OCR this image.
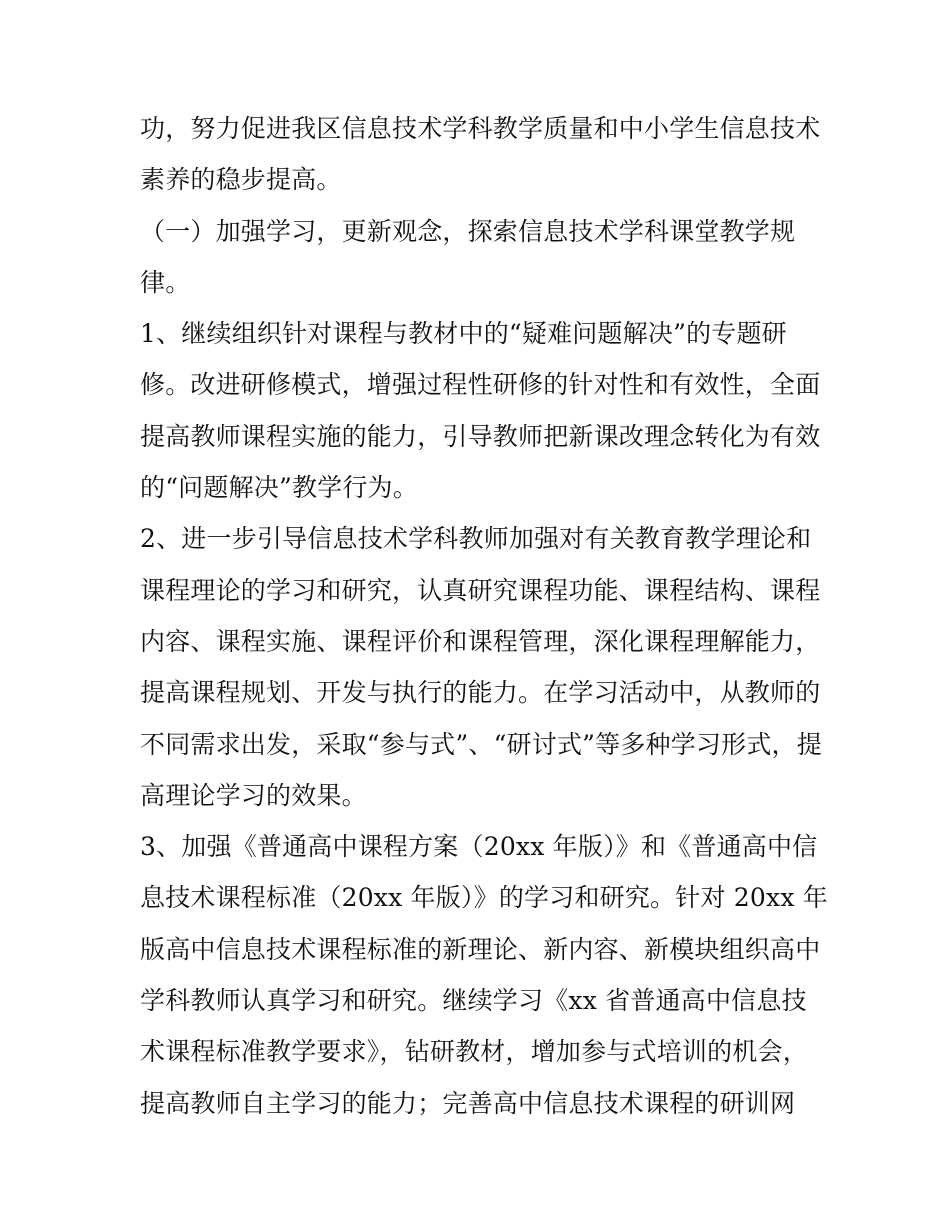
功，努力促进我区信息技术学科教学质量和中小学生信息技术
素养的稳步提高。
（一）加强学习，更新观念，探索信息技术学科课堂教学规
律。
1、继续组织针对课程与教材中的“疑难问题解决”的专题研
修。改进研修模式，增强过程性研修的针对性和有效性，全面
提高教师课程实施的能力，引导教师把新课改理念转化为有效
的“问题解决”教学行为。
2、进一步引导信息技术学科教师加强对有关教育教学理论和
课程理论的学习和研究，认真研究课程功能、课程结构、课程
内容、课程实施、课程评价和课程管理，深化课程理解能力，
提高课程规划、开发与执行的能力。在学习活动中，从教师的
不同需求出发，采取“参与式”、“研讨式”等多种学习形式，提
高理论学习的效果。
3、加强《普通高中课程方案（20xx 年版）》和《普通高中信
息技术课程标准（20xx 年版）》的学习和研究。针对 20xx 年
版高中信息技术课程标准的新理论、新内容、新模块组织高中
学科教师认真学习和研究。继续学习《xx 省普通高中信息技
术课程标准教学要求》，钻研教材，增加参与式培训的机会，
提高教师自主学习的能力；完善高中信息技术课程的研训网
